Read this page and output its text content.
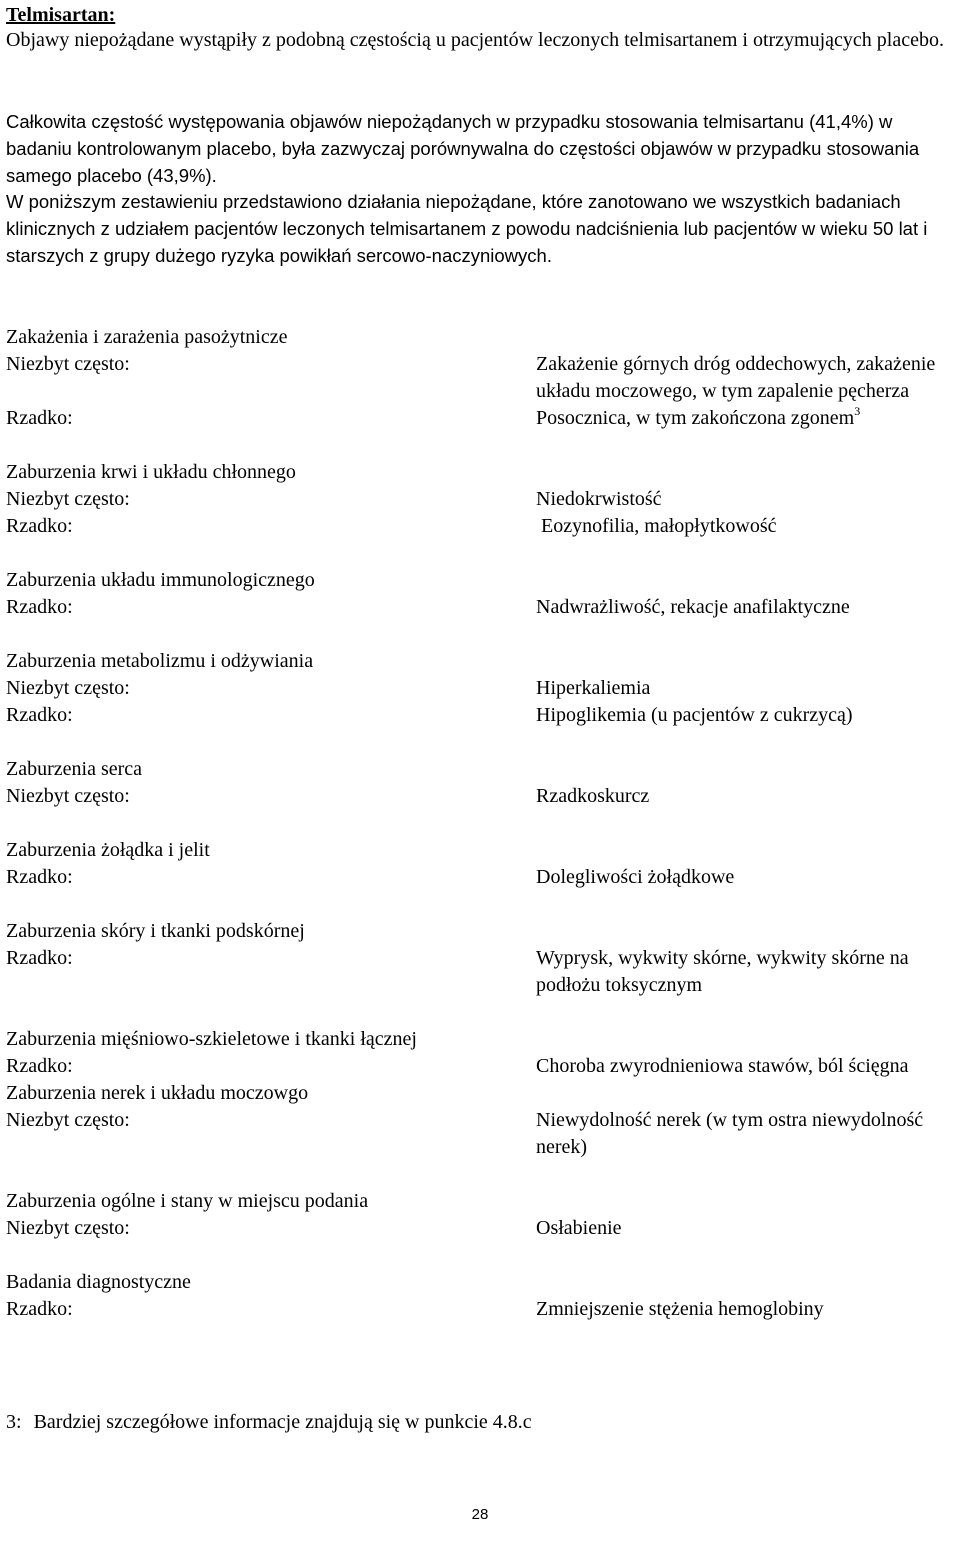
Telmisartan:
Objawy niepożądane wystąpiły z podobną częstością u pacjentów leczonych telmisartanem i otrzymujących placebo.
Całkowita częstość występowania objawów niepożądanych w przypadku stosowania telmisartanu (41,4%) w badaniu kontrolowanym placebo, była zazwyczaj porównywalna do częstości objawów w przypadku stosowania samego placebo (43,9%).
W poniższym zestawieniu przedstawiono działania niepożądane, które zanotowano we wszystkich badaniach klinicznych z udziałem pacjentów leczonych telmisartanem z powodu nadciśnienia lub pacjentów w wieku 50 lat i starszych z grupy dużego ryzyka powikłań sercowo-naczyniowych.
Zakażenia i zarażenia pasożytnicze
Niezbyt często:	Zakażenie górnych dróg oddechowych, zakażenie układu moczowego, w tym zapalenie pęcherza
Rzadko:	Posocznica, w tym zakończona zgonem$^3$
Zaburzenia krwi i układu chłonnego
Niezbyt często:	Niedokrwistość
Rzadko:	Eozynofilia, małopłytkowość
Zaburzenia układu immunologicznego
Rzadko:	Nadwrażliwość, rekacje anafilaktyczne
Zaburzenia metabolizmu i odżywiania
Niezbyt często:	Hiperkaliemia
Rzadko:	Hipoglikemia (u pacjentów z cukrzycą)
Zaburzenia serca
Niezbyt często:	Rzadkoskurcz
Zaburzenia żołądka i jelit
Rzadko:	Dolegliwości żołądkowe
Zaburzenia skóry i tkanki podskórnej
Rzadko:	Wyprysk, wykwity skórne, wykwity skórne na podłożu toksycznym
Zaburzenia mięśniowo-szkieletowe i tkanki łącznej
Rzadko:	Choroba zwyrodnieniowa stawów, ból ścięgna
Zaburzenia nerek i układu moczowgo
Niezbyt często:	Niewydolność nerek (w tym ostra niewydolność nerek)
Zaburzenia ogólne i stany w miejscu podania
Niezbyt często:	Osłabienie
Badania diagnostyczne
Rzadko:	Zmniejszenie stężenia hemoglobiny
3: Bardziej szczegółowe informacje znajdują się w punkcie 4.8.c
28
